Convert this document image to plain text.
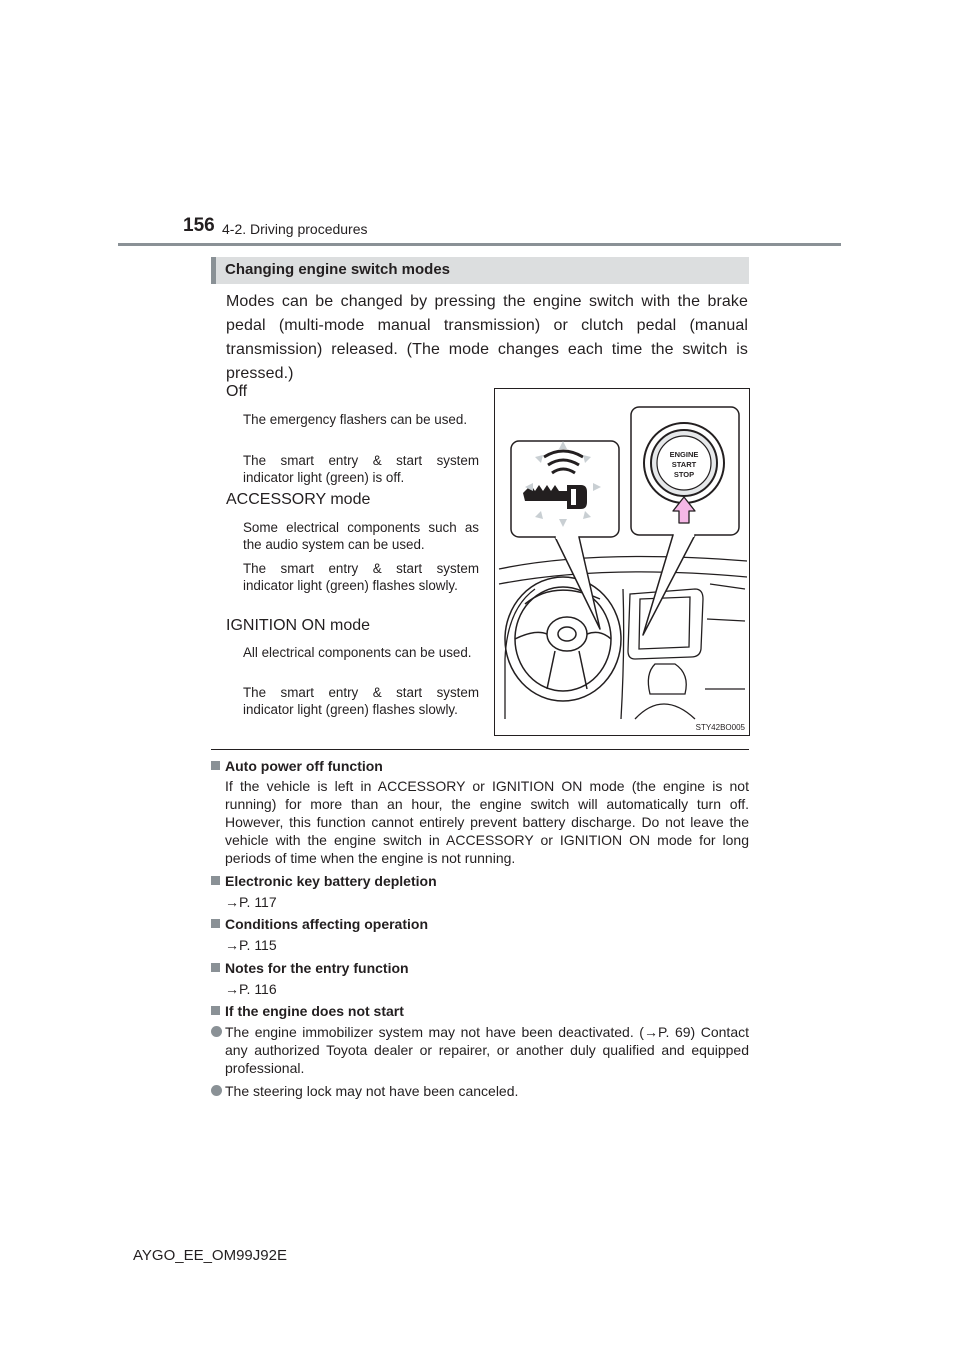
156 4-2. Driving procedures
Changing engine switch modes
Modes can be changed by pressing the engine switch with the brake pedal (multi-mode manual transmission) or clutch pedal (manual transmission) released. (The mode changes each time the switch is pressed.)
Off
The emergency flashers can be used.
The smart entry & start system indicator light (green) is off.
ACCESSORY mode
Some electrical components such as the audio system can be used.
The smart entry & start system indicator light (green) flashes slowly.
IGNITION ON mode
All electrical components can be used.
The smart entry & start system indicator light (green) flashes slowly.
ENGINE
START
STOP
STY42BO005
Auto power off function
If the vehicle is left in ACCESSORY or IGNITION ON mode (the engine is not running) for more than an hour, the engine switch will automatically turn off. However, this function cannot entirely prevent battery discharge. Do not leave the vehicle with the engine switch in ACCESSORY or IGNITION ON mode for long periods of time when the engine is not running.
Electronic key battery depletion
→P. 117
Conditions affecting operation
→P. 115
Notes for the entry function
→P. 116
If the engine does not start
The engine immobilizer system may not have been deactivated. (→P. 69) Contact any authorized Toyota dealer or repairer, or another duly qualified and equipped professional.
The steering lock may not have been canceled.
AYGO_EE_OM99J92E
